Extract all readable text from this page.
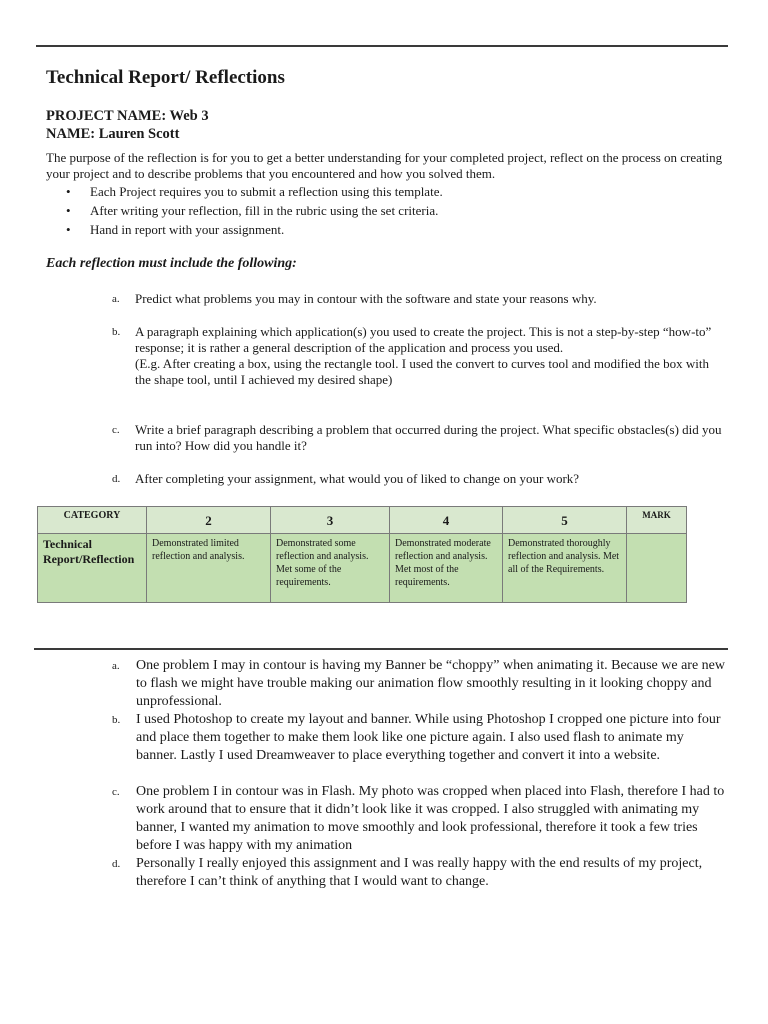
Technical Report/ Reflections
PROJECT NAME: Web 3
NAME: Lauren Scott
The purpose of the reflection is for you to get a better understanding for your completed project, reflect on the process on creating your project and to describe problems that you encountered and how you solved them.
• Each Project requires you to submit a reflection using this template.
• After writing your reflection, fill in the rubric using the set criteria.
• Hand in report with your assignment.
Each reflection must include the following:
a. Predict what problems you may in contour with the software and state your reasons why.
b. A paragraph explaining which application(s) you used to create the project. This is not a step-by-step “how-to” response; it is rather a general description of the application and process you used.
(E.g. After creating a box, using the rectangle tool. I used the convert to curves tool and modified the box with the shape tool, until I achieved my desired shape)
c. Write a brief paragraph describing a problem that occurred during the project. What specific obstacles(s) did you run into? How did you handle it?
d. After completing your assignment, what would you of liked to change on your work?
CATEGORY	2	3	4	5	MARK
Technical Report/Reflection	Demonstrated limited reflection and analysis.	Demonstrated some reflection and analysis. Met some of the requirements.	Demonstrated moderate reflection and analysis. Met most of the requirements.	Demonstrated thoroughly reflection and analysis. Met all of the Requirements.	
a. One problem I may in contour is having my Banner be “choppy” when animating it. Because we are new to flash we might have trouble making our animation flow smoothly resulting in it looking choppy and unprofessional.
b. I used Photoshop to create my layout and banner. While using Photoshop I cropped one picture into four and place them together to make them look like one picture again. I also used flash to animate my banner. Lastly I used Dreamweaver to place everything together and convert it into a website.
c. One problem I in contour was in Flash. My photo was cropped when placed into Flash, therefore I had to work around that to ensure that it didn’t look like it was cropped. I also struggled with animating my banner, I wanted my animation to move smoothly and look professional, therefore it took a few tries before I was happy with my animation
d. Personally I really enjoyed this assignment and I was really happy with the end results of my project, therefore I can’t think of anything that I would want to change.
